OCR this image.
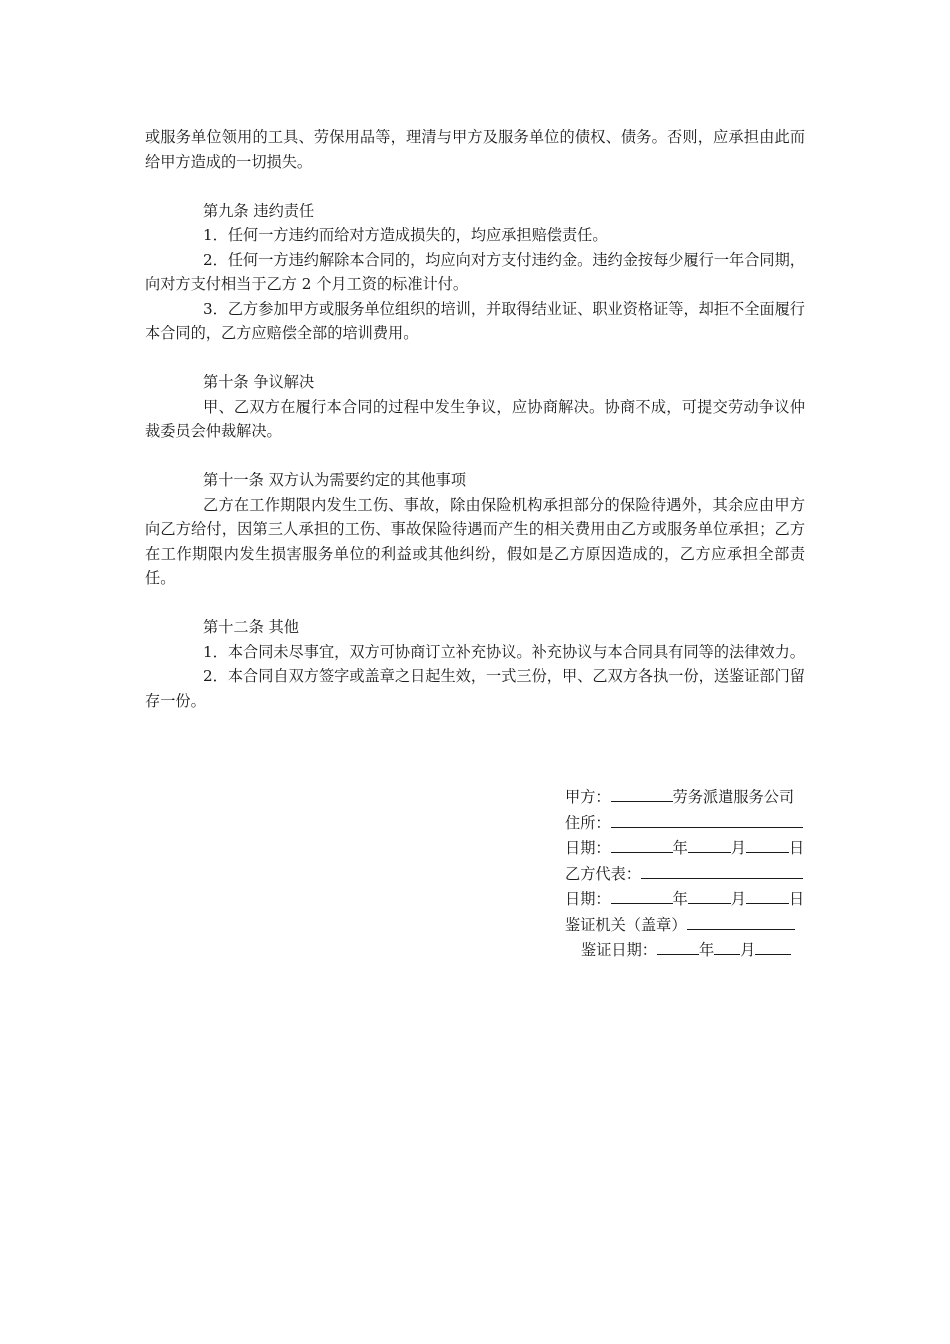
或服务单位领用的工具、劳保用品等，理清与甲方及服务单位的债权、债务。否则，应承担由此而给甲方造成的一切损失。

第九条 违约责任

1．任何一方违约而给对方造成损失的，均应承担赔偿责任。

2．任何一方违约解除本合同的，均应向对方支付违约金。违约金按每少履行一年合同期，向对方支付相当于乙方 2 个月工资的标准计付。

3．乙方参加甲方或服务单位组织的培训，并取得结业证、职业资格证等，却拒不全面履行本合同的，乙方应赔偿全部的培训费用。

第十条 争议解决

甲、乙双方在履行本合同的过程中发生争议，应协商解决。协商不成，可提交劳动争议仲裁委员会仲裁解决。

第十一条 双方认为需要约定的其他事项

乙方在工作期限内发生工伤、事故，除由保险机构承担部分的保险待遇外，其余应由甲方向乙方给付，因第三人承担的工伤、事故保险待遇而产生的相关费用由乙方或服务单位承担；乙方在工作期限内发生损害服务单位的利益或其他纠纷，假如是乙方原因造成的，乙方应承担全部责任。

第十二条 其他

1．本合同未尽事宜，双方可协商订立补充协议。补充协议与本合同具有同等的法律效力。

2．本合同自双方签字或盖章之日起生效，一式三份，甲、乙双方各执一份，送鉴证部门留存一份。

甲方：	劳务派遣服务公司

住所：

日期：	年	月	日

乙方代表：

日期：	年	月	日

鉴证机关（盖章）

鉴证日期：	年 月
